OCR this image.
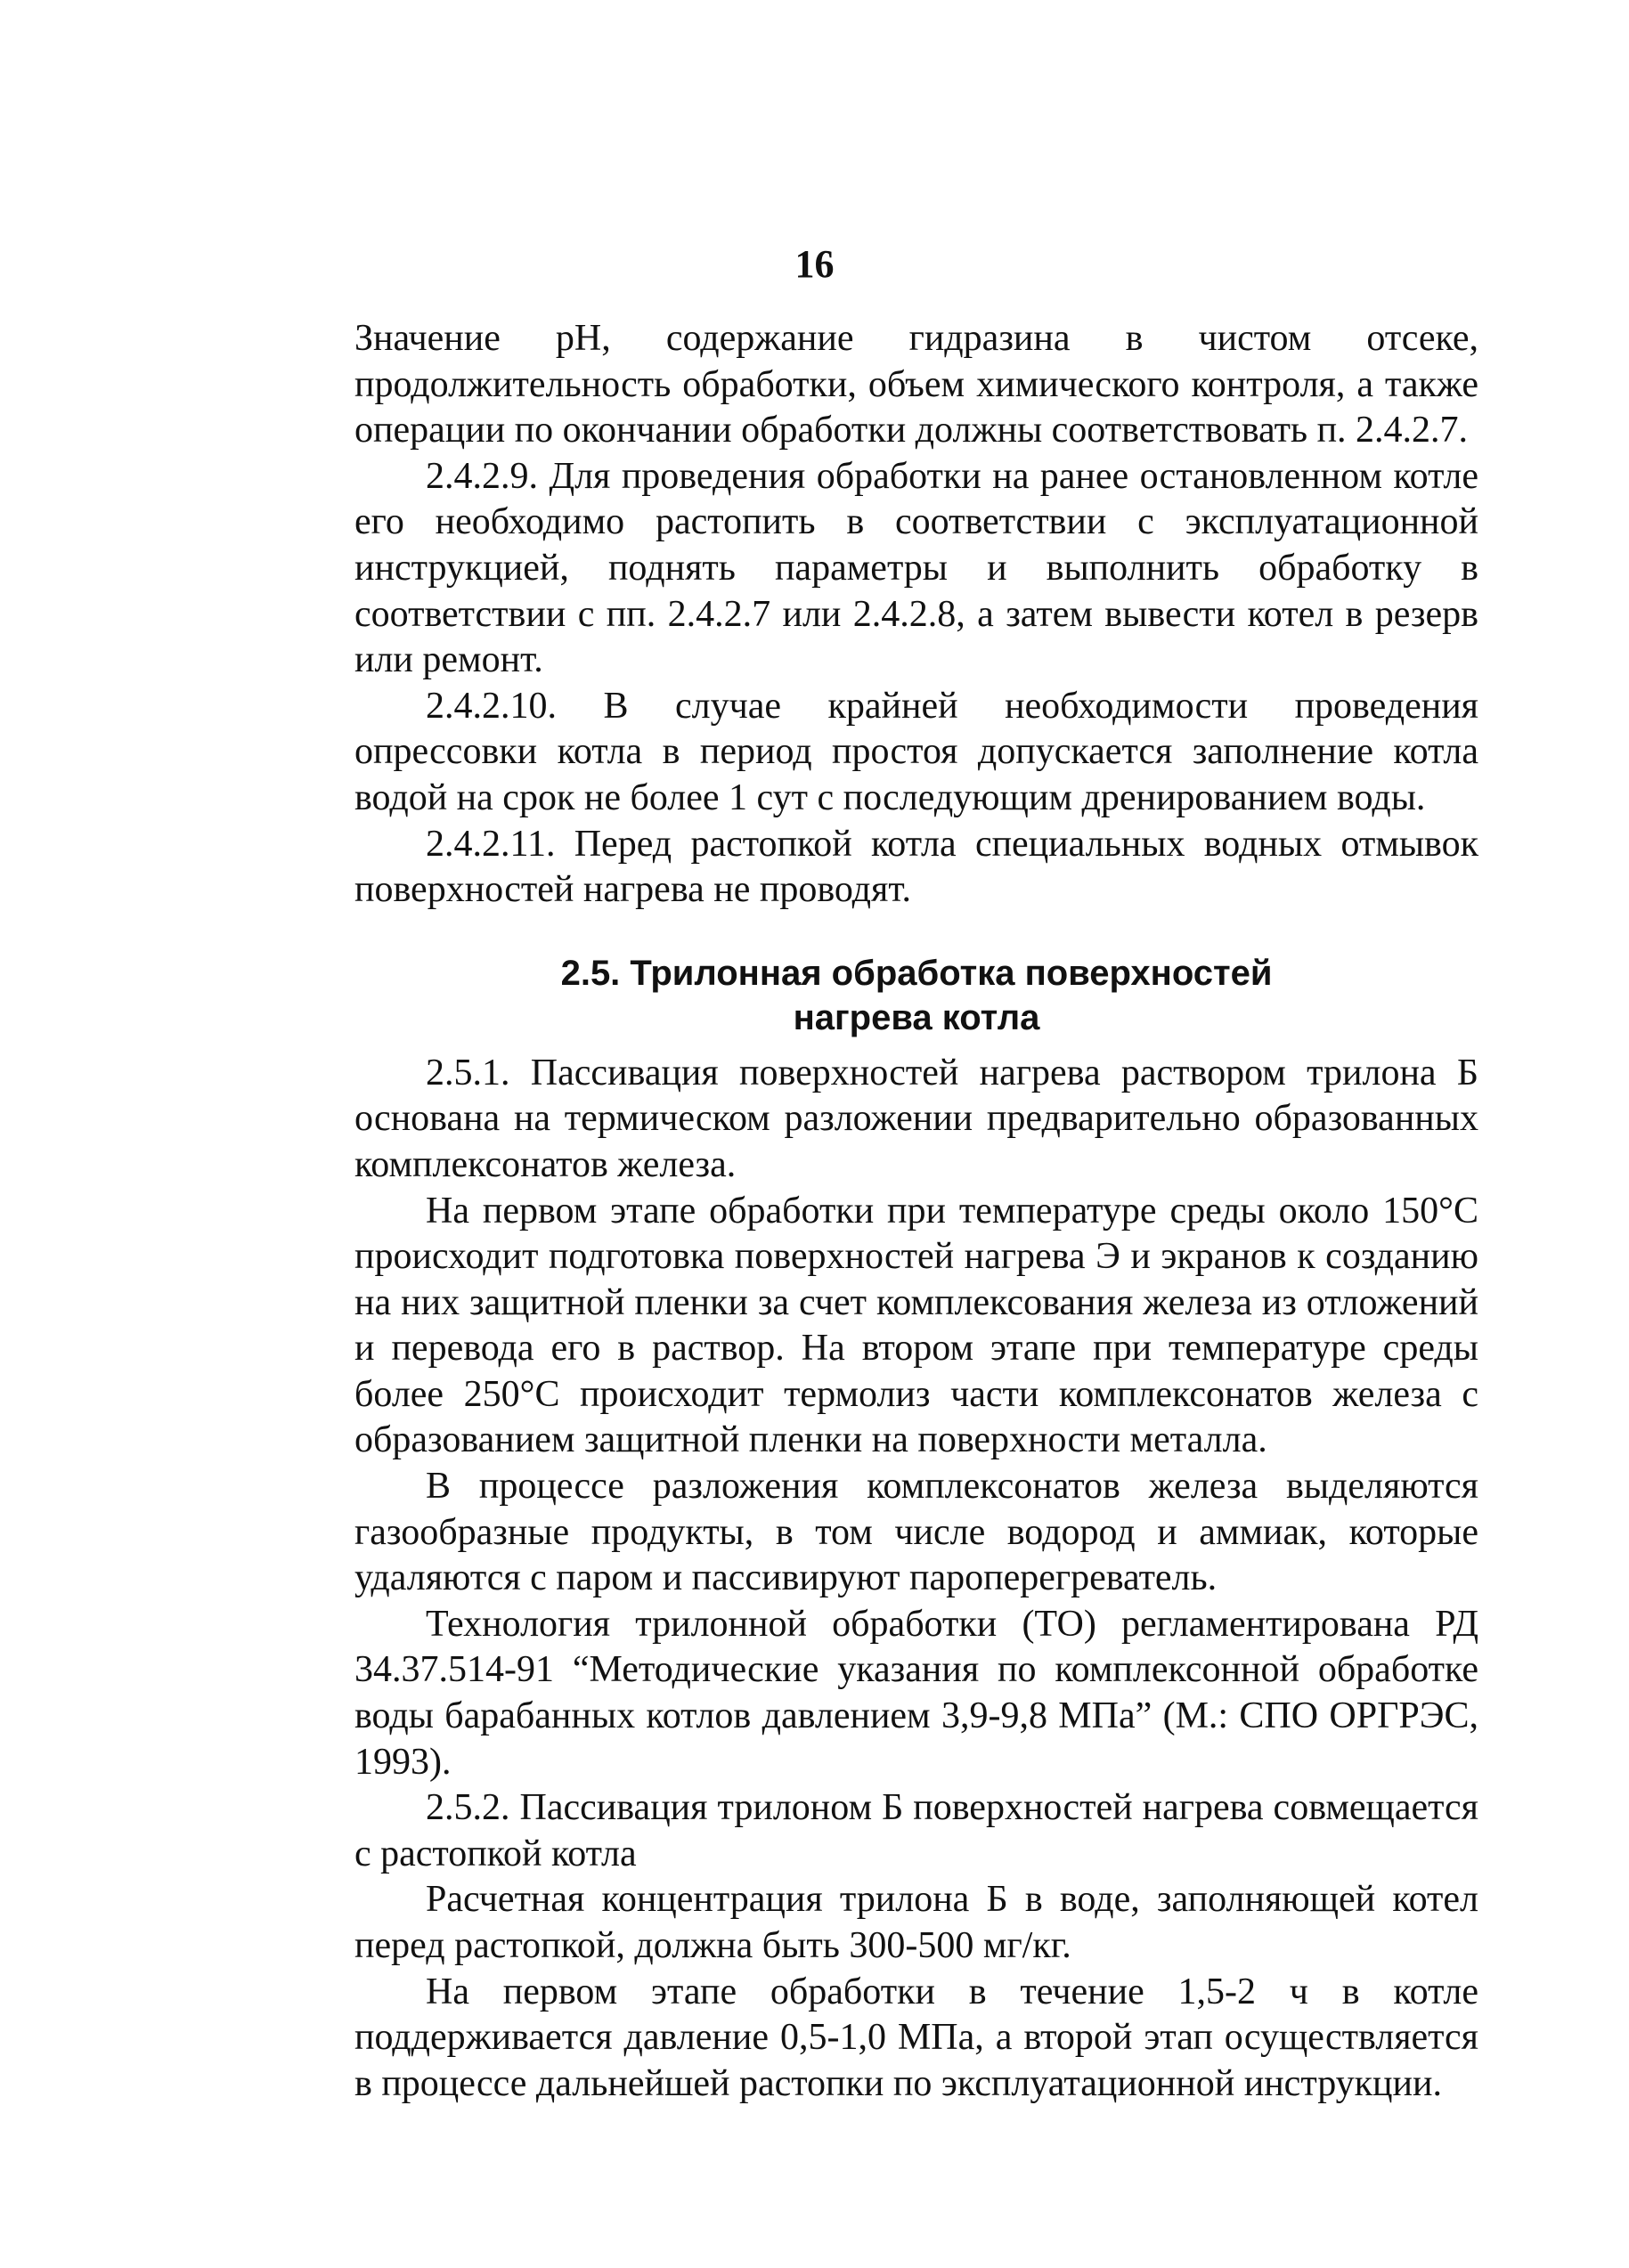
16

Значение pH, содержание гидразина в чистом отсеке, продолжительность обработки, объем химического контроля, а также операции по окончании обработки должны соответствовать п. 2.4.2.7.

2.4.2.9. Для проведения обработки на ранее остановленном котле его необходимо растопить в соответствии с эксплуатационной инструкцией, поднять параметры и выполнить обработку в соответствии с пп. 2.4.2.7 или 2.4.2.8, а затем вывести котел в резерв или ремонт.

2.4.2.10. В случае крайней необходимости проведения опрессовки котла в период простоя допускается заполнение котла водой на срок не более 1 сут с последующим дренированием воды.

2.4.2.11. Перед растопкой котла специальных водных отмывок поверхностей нагрева не проводят.

2.5. Трилонная обработка поверхностей
нагрева котла

2.5.1. Пассивация поверхностей нагрева раствором трилона Б основана на термическом разложении предварительно образованных комплексонатов железа.

На первом этапе обработки при температуре среды около 150°С происходит подготовка поверхностей нагрева Э и экранов к созданию на них защитной пленки за счет комплексования железа из отложений и перевода его в раствор. На втором этапе при температуре среды более 250°С происходит термолиз части комплексонатов железа с образованием защитной пленки на поверхности металла.

В процессе разложения комплексонатов железа выделяются газообразные продукты, в том числе водород и аммиак, которые удаляются с паром и пассивируют пароперегреватель.

Технология трилонной обработки (ТО) регламентирована РД 34.37.514-91 “Методические указания по комплексонной обработке воды барабанных котлов давлением 3,9-9,8 МПа” (М.: СПО ОРГРЭС, 1993).

2.5.2. Пассивация трилоном Б поверхностей нагрева совмещается с растопкой котла

Расчетная концентрация трилона Б в воде, заполняющей котел перед растопкой, должна быть 300-500 мг/кг.

На первом этапе обработки в течение 1,5-2 ч в котле поддерживается давление 0,5-1,0 МПа, а второй этап осуществляется в процессе дальнейшей растопки по эксплуатационной инструкции.
